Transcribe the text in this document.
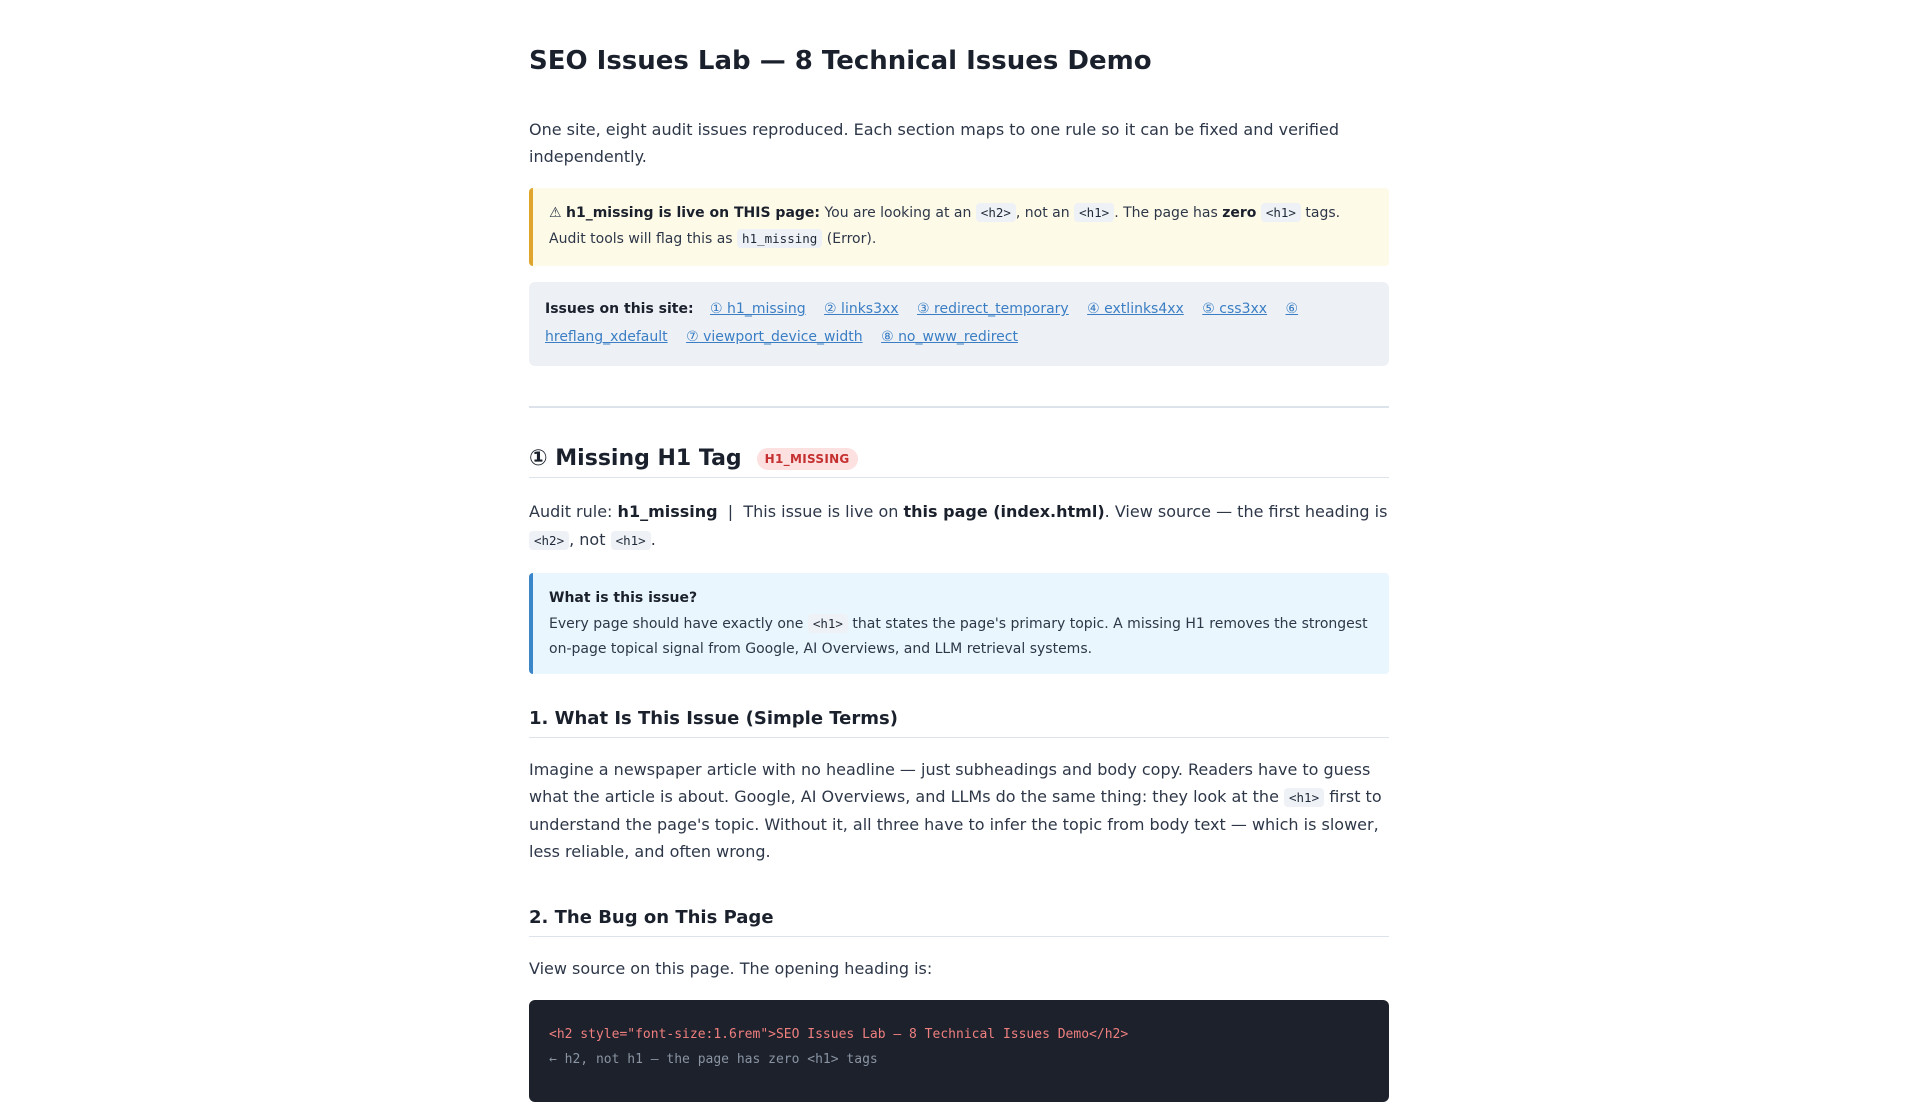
SEO Issues Lab — 8 Technical Issues Demo

One site, eight audit issues reproduced. Each section maps to one rule so it can be fixed and verified independently.

⚠ h1_missing is live on THIS page: You are looking at an <h2> , not an <h1> . The page has zero <h1> tags. Audit tools will flag this as h1_missing (Error).
Issues on this site: ① h1_missing ② links3xx ③ redirect_temporary ④ extlinks4xx ⑤ css3xx ⑥ hreflang_xdefault ⑦ viewport_device_width ⑧ no_www_redirect
① Missing H1 Tag	H1_MISSING

Audit rule: h1_missing | This issue is live on this page (index.html). View source — the first heading is <h2> , not <h1> .

What is this issue?
Every page should have exactly one <h1> that states the page's primary topic. A missing H1 removes the strongest on-page topical signal from Google, AI Overviews, and LLM retrieval systems.
1. What Is This Issue (Simple Terms)

Imagine a newspaper article with no headline — just subheadings and body copy. Readers have to guess what the article is about. Google, AI Overviews, and LLMs do the same thing: they look at the <h1> first to understand the page's topic. Without it, all three have to infer the topic from body text — which is slower, less reliable, and often wrong.

2. The Bug on This Page

View source on this page. The opening heading is:

<h2 style="font-size:1.6rem">SEO Issues Lab — 8 Technical Issues Demo</h2>
← h2, not h1 — the page has zero <h1> tags
